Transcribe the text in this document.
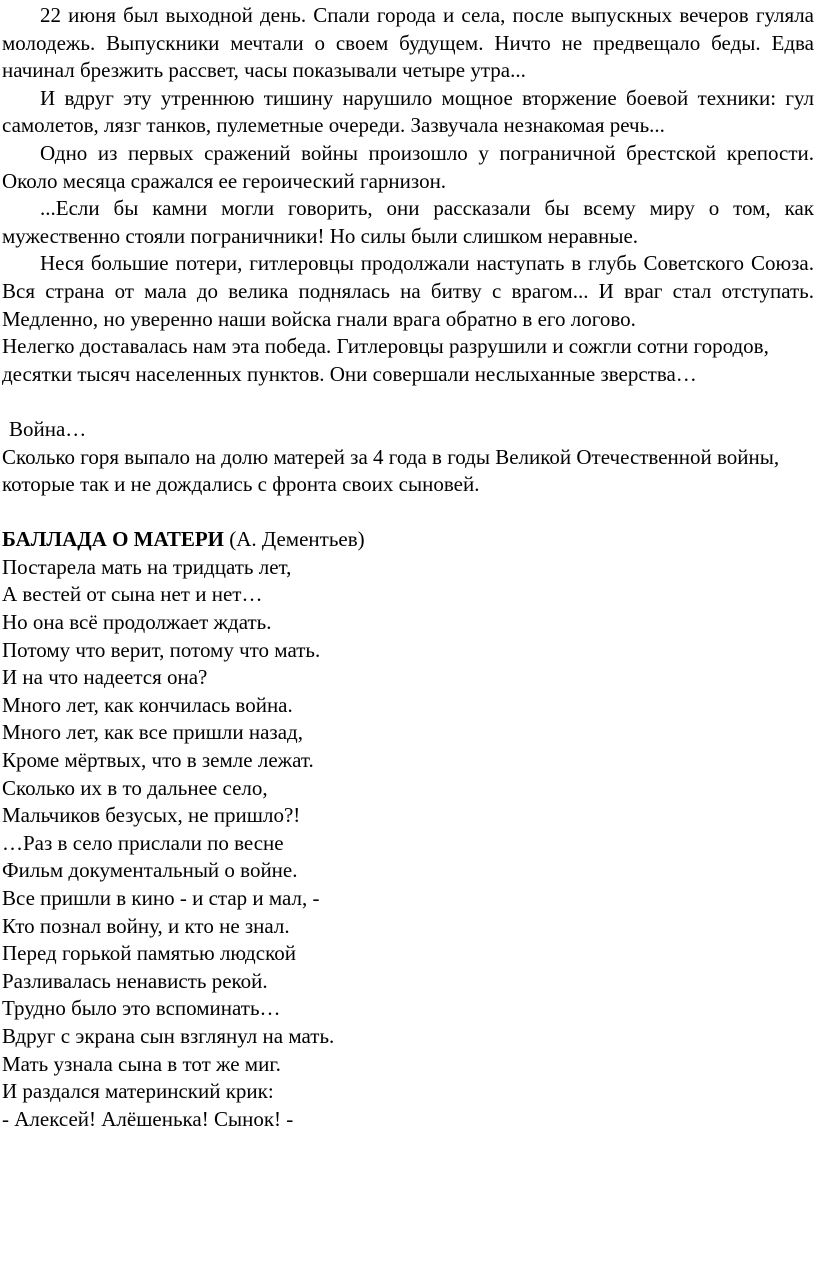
22 июня был выходной день. Спали города и села, после выпускных вечеров гуляла молодежь. Выпускники мечтали о своем будущем. Ничто не предвещало беды. Едва начинал брезжить рассвет, часы показывали четыре утра...

И вдруг эту утреннюю тишину нарушило мощное вторжение боевой техники: гул самолетов, лязг танков, пулеметные очереди. Зазвучала незнакомая речь...

Одно из первых сражений войны произошло у пограничной брестской крепости. Около месяца сражался ее героический гарнизон.

...Если бы камни могли говорить, они рассказали бы всему миру о том, как мужественно стояли пограничники! Но силы были слишком неравные.

Неся большие потери, гитлеровцы продолжали наступать в глубь Советского Союза. Вся страна от мала до велика поднялась на битву с врагом... И враг стал отступать. Медленно, но уверенно наши войска гнали врага обратно в его логово.

Нелегко доставалась нам эта победа. Гитлеровцы разрушили и сожгли сотни городов, десятки тысяч населенных пунктов. Они совершали неслыханные зверства…

Война…

Сколько горя выпало на долю матерей за 4 года в годы Великой Отечественной войны, которые так и не дождались с фронта своих сыновей.

БАЛЛАДА О МАТЕРИ (А. Дементьев)

Постарела мать на тридцать лет,
А вестей от сына нет и нет…
Но она всё продолжает ждать.
Потому что верит, потому что мать.
И на что надеется она?
Много лет, как кончилась война.
Много лет, как все пришли назад,
Кроме мёртвых, что в земле лежат.
Сколько их в то дальнее село,
Мальчиков безусых, не пришло?!
…Раз в село прислали по весне
Фильм документальный о войне.
Все пришли в кино - и стар и мал, -
Кто познал войну, и кто не знал.
Перед горькой памятью людской
Разливалась ненависть рекой.
Трудно было это вспоминать…
Вдруг с экрана сын взглянул на мать.
Мать узнала сына в тот же миг.
И раздался материнский крик:
- Алексей! Алёшенька! Сынок! -
